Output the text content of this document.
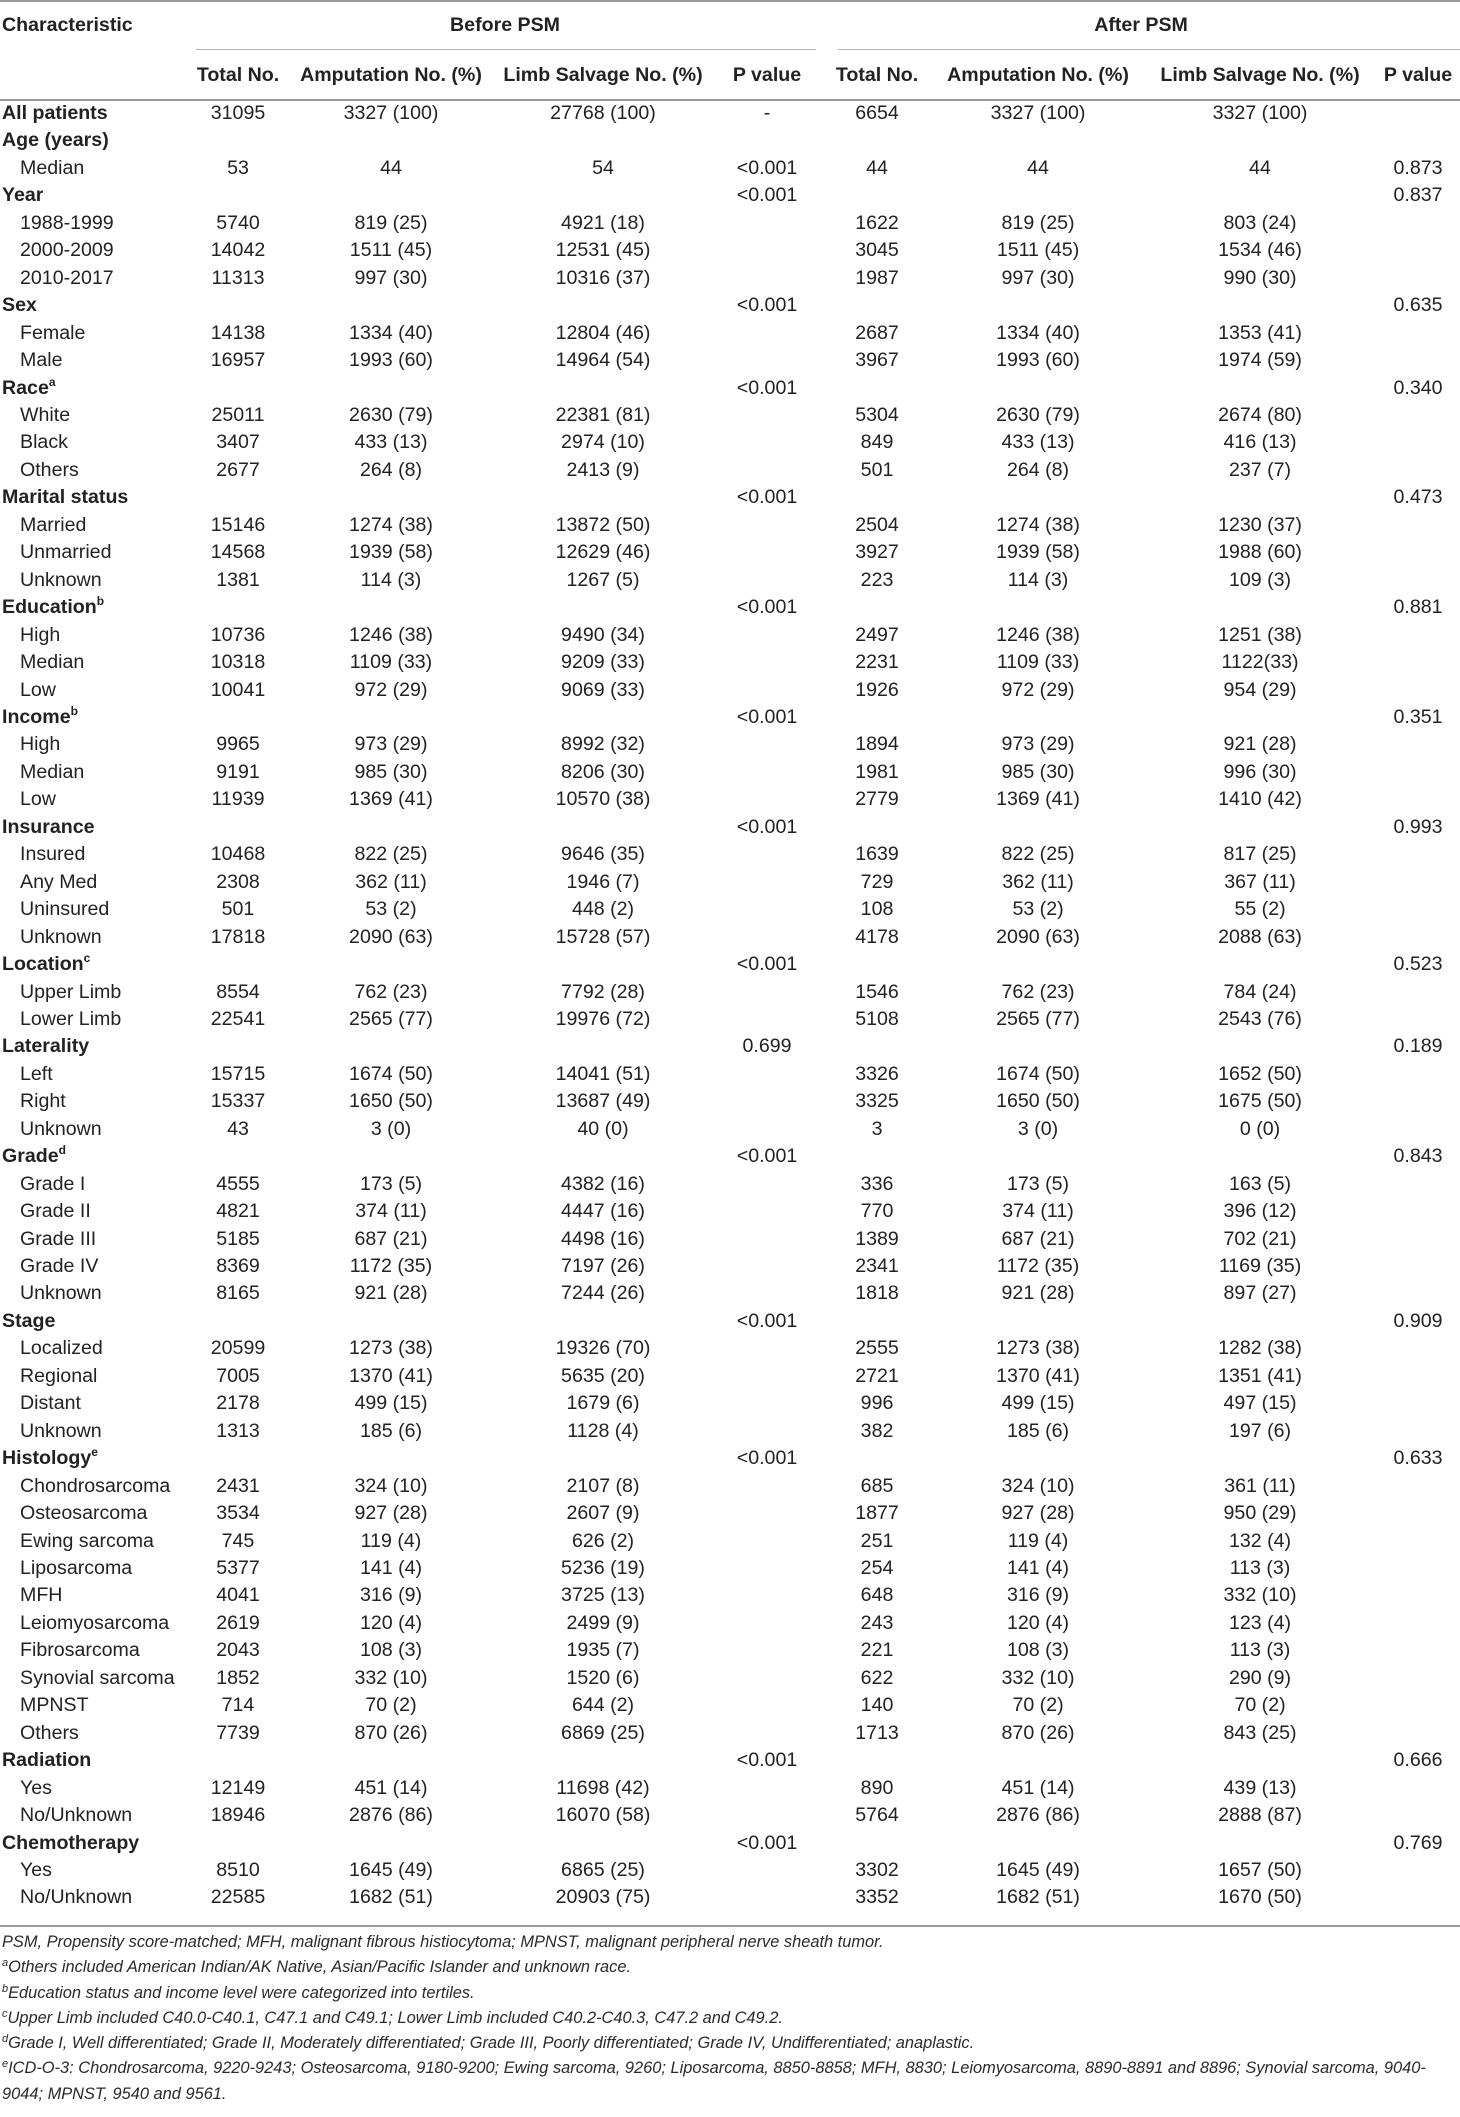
Characteristic	Before PSM				After PSM			
	Total No.	Amputation No. (%)	Limb Salvage No. (%)	P value	Total No.	Amputation No. (%)	Limb Salvage No. (%)	P value
All patients	31095	3327 (100)	27768 (100)	-	6654	3327 (100)	3327 (100)	
Age (years)								
Median	53	44	54	<0.001	44	44	44	0.873
Year				<0.001				0.837
1988-1999	5740	819 (25)	4921 (18)		1622	819 (25)	803 (24)	
2000-2009	14042	1511 (45)	12531 (45)		3045	1511 (45)	1534 (46)	
2010-2017	11313	997 (30)	10316 (37)		1987	997 (30)	990 (30)	
Sex				<0.001				0.635
Female	14138	1334 (40)	12804 (46)		2687	1334 (40)	1353 (41)	
Male	16957	1993 (60)	14964 (54)		3967	1993 (60)	1974 (59)	
Race$^a$				<0.001				0.340
White	25011	2630 (79)	22381 (81)		5304	2630 (79)	2674 (80)	
Black	3407	433 (13)	2974 (10)		849	433 (13)	416 (13)	
Others	2677	264 (8)	2413 (9)		501	264 (8)	237 (7)	
Marital status				<0.001				0.473
Married	15146	1274 (38)	13872 (50)		2504	1274 (38)	1230 (37)	
Unmarried	14568	1939 (58)	12629 (46)		3927	1939 (58)	1988 (60)	
Unknown	1381	114 (3)	1267 (5)		223	114 (3)	109 (3)	
Education$^b$				<0.001				0.881
High	10736	1246 (38)	9490 (34)		2497	1246 (38)	1251 (38)	
Median	10318	1109 (33)	9209 (33)		2231	1109 (33)	1122(33)	
Low	10041	972 (29)	9069 (33)		1926	972 (29)	954 (29)	
Income$^b$				<0.001				0.351
High	9965	973 (29)	8992 (32)		1894	973 (29)	921 (28)	
Median	9191	985 (30)	8206 (30)		1981	985 (30)	996 (30)	
Low	11939	1369 (41)	10570 (38)		2779	1369 (41)	1410 (42)	
Insurance				<0.001				0.993
Insured	10468	822 (25)	9646 (35)		1639	822 (25)	817 (25)	
Any Med	2308	362 (11)	1946 (7)		729	362 (11)	367 (11)	
Uninsured	501	53 (2)	448 (2)		108	53 (2)	55 (2)	
Unknown	17818	2090 (63)	15728 (57)		4178	2090 (63)	2088 (63)	
Location$^c$				<0.001				0.523
Upper Limb	8554	762 (23)	7792 (28)		1546	762 (23)	784 (24)	
Lower Limb	22541	2565 (77)	19976 (72)		5108	2565 (77)	2543 (76)	
Laterality				0.699				0.189
Left	15715	1674 (50)	14041 (51)		3326	1674 (50)	1652 (50)	
Right	15337	1650 (50)	13687 (49)		3325	1650 (50)	1675 (50)	
Unknown	43	3 (0)	40 (0)		3	3 (0)	0 (0)	
Grade$^d$				<0.001				0.843
Grade I	4555	173 (5)	4382 (16)		336	173 (5)	163 (5)	
Grade II	4821	374 (11)	4447 (16)		770	374 (11)	396 (12)	
Grade III	5185	687 (21)	4498 (16)		1389	687 (21)	702 (21)	
Grade IV	8369	1172 (35)	7197 (26)		2341	1172 (35)	1169 (35)	
Unknown	8165	921 (28)	7244 (26)		1818	921 (28)	897 (27)	
Stage				<0.001				0.909
Localized	20599	1273 (38)	19326 (70)		2555	1273 (38)	1282 (38)	
Regional	7005	1370 (41)	5635 (20)		2721	1370 (41)	1351 (41)	
Distant	2178	499 (15)	1679 (6)		996	499 (15)	497 (15)	
Unknown	1313	185 (6)	1128 (4)		382	185 (6)	197 (6)	
Histology$^e$				<0.001				0.633
Chondrosarcoma	2431	324 (10)	2107 (8)		685	324 (10)	361 (11)	
Osteosarcoma	3534	927 (28)	2607 (9)		1877	927 (28)	950 (29)	
Ewing sarcoma	745	119 (4)	626 (2)		251	119 (4)	132 (4)	
Liposarcoma	5377	141 (4)	5236 (19)		254	141 (4)	113 (3)	
MFH	4041	316 (9)	3725 (13)		648	316 (9)	332 (10)	
Leiomyosarcoma	2619	120 (4)	2499 (9)		243	120 (4)	123 (4)	
Fibrosarcoma	2043	108 (3)	1935 (7)		221	108 (3)	113 (3)	
Synovial sarcoma	1852	332 (10)	1520 (6)		622	332 (10)	290 (9)	
MPNST	714	70 (2)	644 (2)		140	70 (2)	70 (2)	
Others	7739	870 (26)	6869 (25)		1713	870 (26)	843 (25)	
Radiation				<0.001				0.666
Yes	12149	451 (14)	11698 (42)		890	451 (14)	439 (13)	
No/Unknown	18946	2876 (86)	16070 (58)		5764	2876 (86)	2888 (87)	
Chemotherapy				<0.001				0.769
Yes	8510	1645 (49)	6865 (25)		3302	1645 (49)	1657 (50)	
No/Unknown	22585	1682 (51)	20903 (75)		3352	1682 (51)	1670 (50)	
PSM, Propensity score-matched; MFH, malignant fibrous histiocytoma; MPNST, malignant peripheral nerve sheath tumor.
$^a$Others included American Indian/AK Native, Asian/Pacific Islander and unknown race.
$^b$Education status and income level were categorized into tertiles.
$^c$Upper Limb included C40.0-C40.1, C47.1 and C49.1; Lower Limb included C40.2-C40.3, C47.2 and C49.2.
$^d$Grade I, Well differentiated; Grade II, Moderately differentiated; Grade III, Poorly differentiated; Grade IV, Undifferentiated; anaplastic.
$^e$ICD-O-3: Chondrosarcoma, 9220-9243; Osteosarcoma, 9180-9200; Ewing sarcoma, 9260; Liposarcoma, 8850-8858; MFH, 8830; Leiomyosarcoma, 8890-8891 and 8896; Synovial sarcoma, 9040-9044; MPNST, 9540 and 9561.
